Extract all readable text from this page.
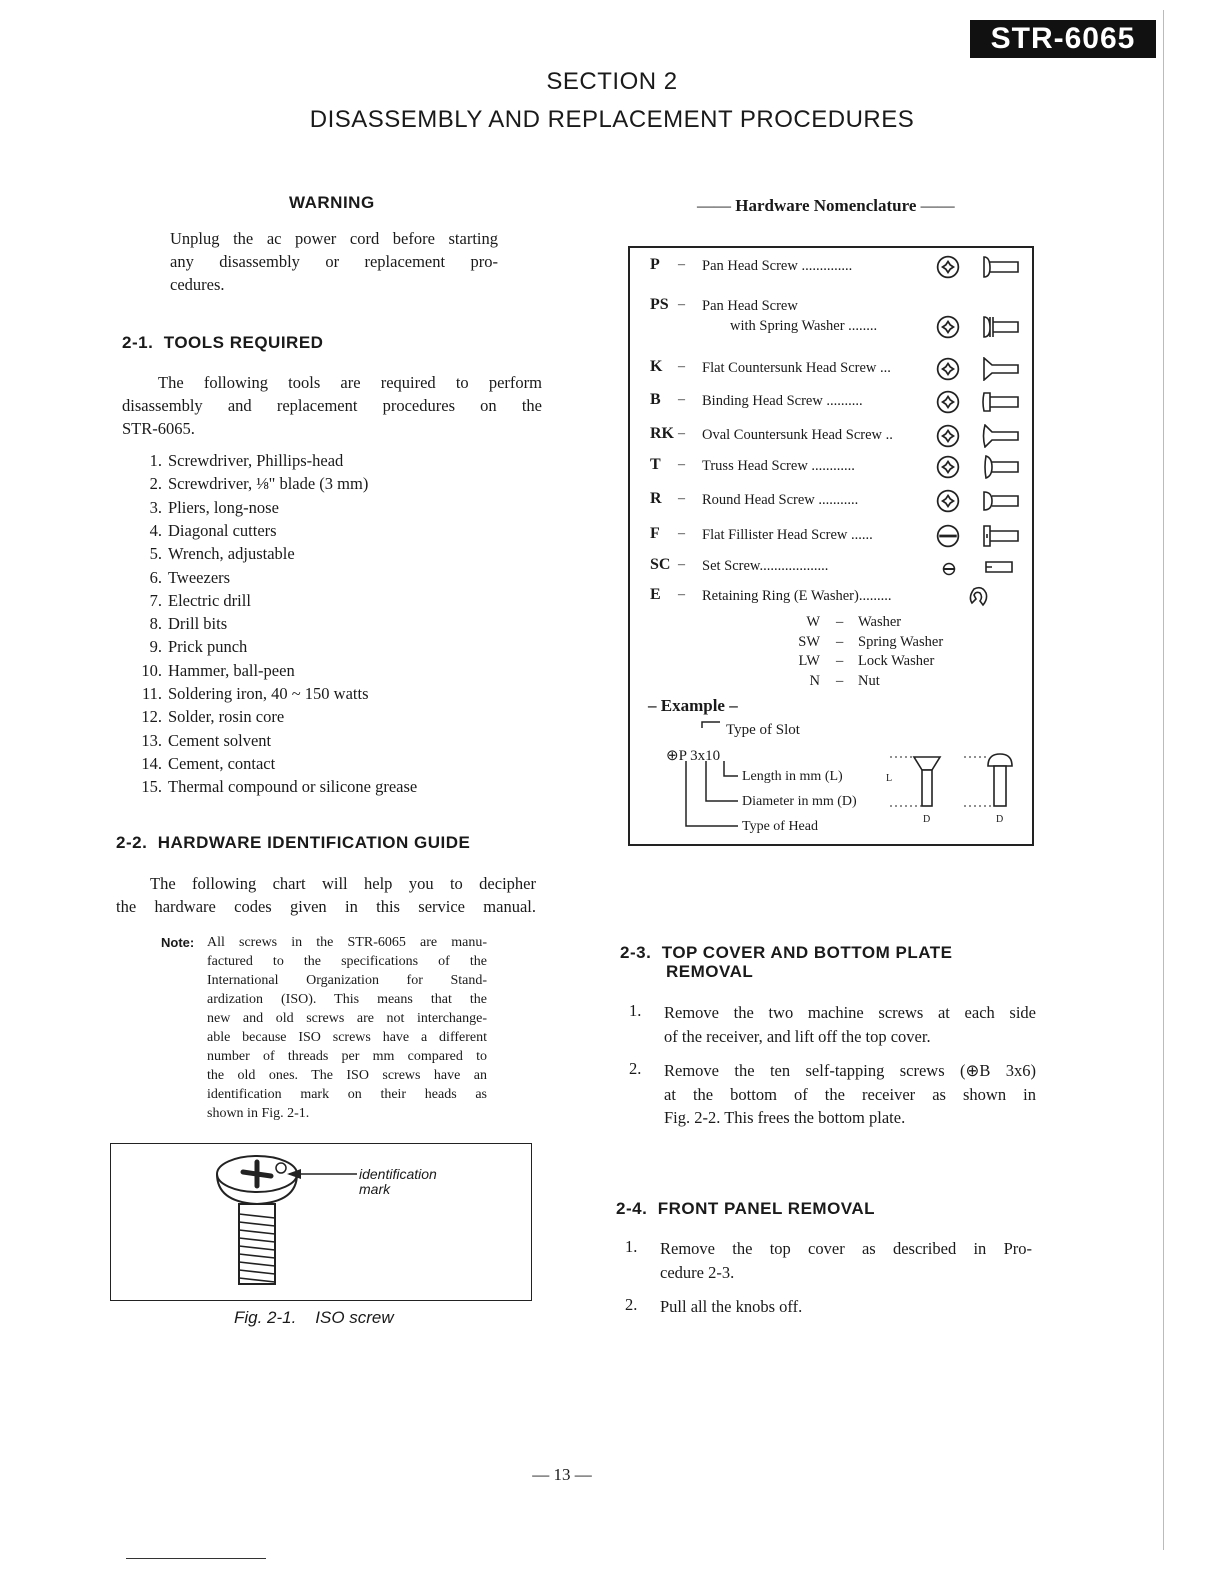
STR-6065
SECTION 2
DISASSEMBLY AND REPLACEMENT PROCEDURES
WARNING
Unplug the ac power cord before starting
any disassembly or replacement pro-
cedures.
2-1. TOOLS REQUIRED
The following tools are required to perform
disassembly and replacement procedures on the
STR-6065.
1. Screwdriver, Phillips-head
2. Screwdriver, ⅛" blade (3 mm)
3. Pliers, long-nose
4. Diagonal cutters
5. Wrench, adjustable
6. Tweezers
7. Electric drill
8. Drill bits
9. Prick punch
10. Hammer, ball-peen
11. Soldering iron, 40 ~ 150 watts
12. Solder, rosin core
13. Cement solvent
14. Cement, contact
15. Thermal compound or silicone grease
2-2. HARDWARE IDENTIFICATION GUIDE
The following chart will help you to decipher
the hardware codes given in this service manual.
Note: All screws in the STR-6065 are manu-
factured to the specifications of the
International Organization for Stand-
ardization (ISO). This means that the
new and old screws are not interchange-
able because ISO screws have a different
number of threads per mm compared to
the old ones. The ISO screws have an
identification mark on their heads as
shown in Fig. 2-1.
identification
mark
Fig. 2-1. ISO screw
—— Hardware Nomenclature ——
P – Pan Head Screw ..............
PS – Pan Head Screw
with Spring Washer ........
K – Flat Countersunk Head Screw ...
B – Binding Head Screw ..........
RK – Oval Countersunk Head Screw ..
T – Truss Head Screw ............
R – Round Head Screw ...........
F – Flat Fillister Head Screw ......
SC – Set Screw...................
E – Retaining Ring (E Washer).........
W – Washer
SW – Spring Washer
LW – Lock Washer
N – Nut
– Example –
⊕P 3x10
Type of Slot
Length in mm (L)
Diameter in mm (D)
Type of Head
L
D	D
2-3. TOP COVER AND BOTTOM PLATE
REMOVAL
1. Remove the two machine screws at each side
of the receiver, and lift off the top cover.
2. Remove the ten self-tapping screws (⊕B 3x6)
at the bottom of the receiver as shown in
Fig. 2-2. This frees the bottom plate.
2-4. FRONT PANEL REMOVAL
1. Remove the top cover as described in Pro-
cedure 2-3.
2. Pull all the knobs off.
— 13 —
